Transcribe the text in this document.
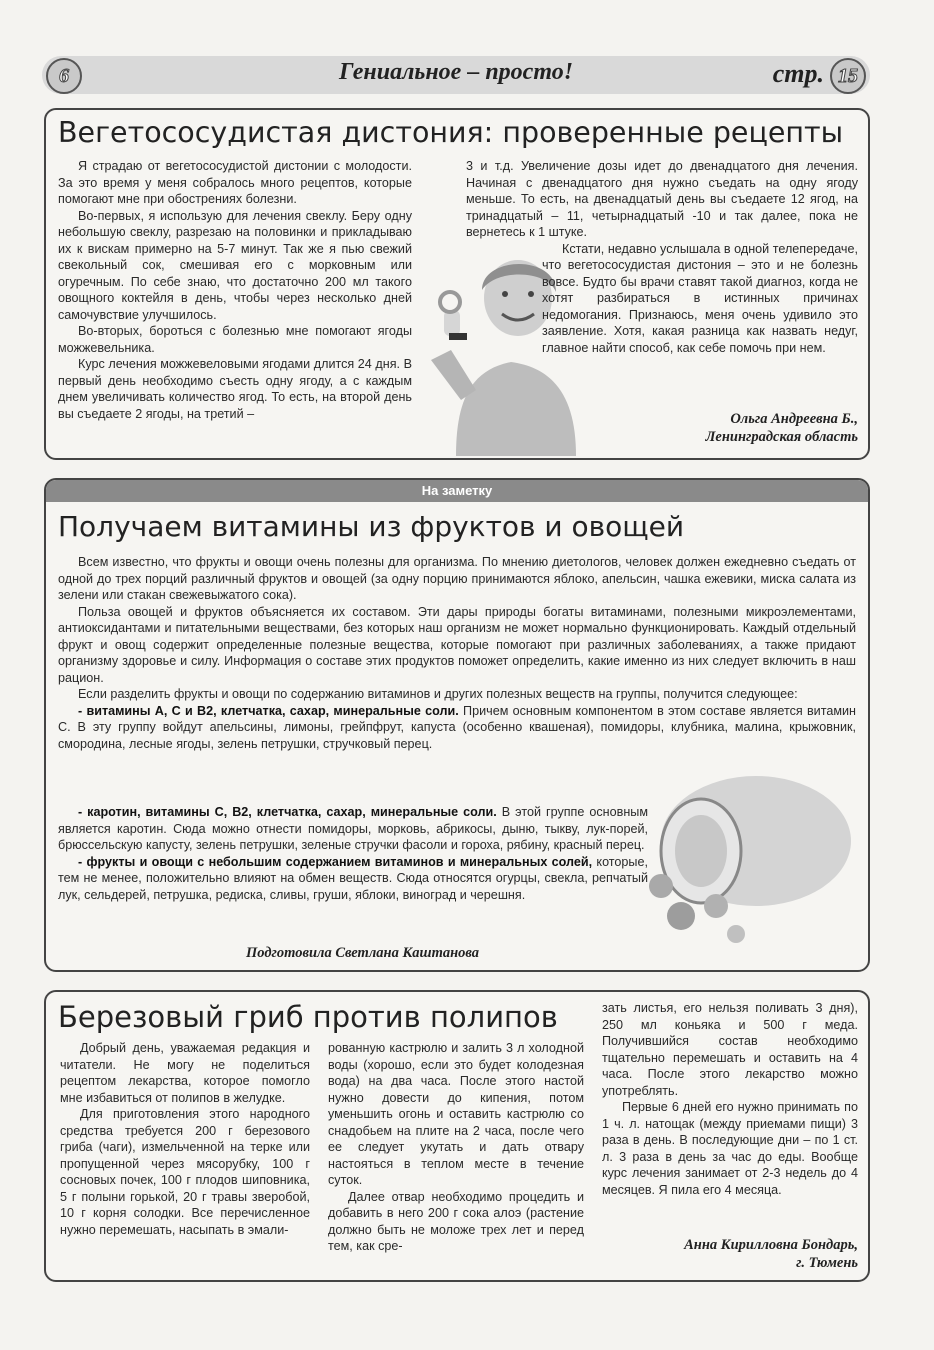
6	Гениальное – просто!	стр. 15
Вегетососудистая дистония: проверенные рецепты

Я страдаю от вегетососудистой дистонии с молодости. За это время у меня собралось много рецептов, которые помогают мне при обострениях болезни.

Во-первых, я использую для лечения свеклу. Беру одну небольшую свеклу, разрезаю на половинки и прикладываю их к вискам примерно на 5-7 минут. Так же я пью свежий свекольный сок, смешивая его с морковным или огуречным. По себе знаю, что достаточно 200 мл такого овощного коктейля в день, чтобы через несколько дней самочувствие улучшилось.

Во-вторых, бороться с болезнью мне помогают ягоды можжевельника.

Курс лечения можжевеловыми ягодами длится 24 дня. В первый день необходимо съесть одну ягоду, а с каждым днем увеличивать количество ягод. То есть, на второй день вы съедаете 2 ягоды, на третий –

3 и т.д. Увеличение дозы идет до двенадцатого дня лечения. Начиная с двенадцатого дня нужно съедать на одну ягоду меньше. То есть, на двенадцатый день вы съедаете 12 ягод, на тринадцатый – 11, четырнадцатый -10 и так далее, пока не вернетесь к 1 штуке.

Кстати, недавно услышала в одной телепередаче, что вегетососудистая дистония – это и не болезнь вовсе. Будто бы врачи ставят такой диагноз, когда не хотят разбираться в истинных причинах недомогания. Признаюсь, меня очень удивило это заявление. Хотя, какая разница как назвать недуг, главное найти способ, как себе помочь при нем.

Ольга Андреевна Б.,
Ленинградская область
На заметку
Получаем витамины из фруктов и овощей

Всем известно, что фрукты и овощи очень полезны для организма. По мнению диетологов, человек должен ежедневно съедать от одной до трех порций различный фруктов и овощей (за одну порцию принимаются яблоко, апельсин, чашка ежевики, миска салата из зелени или стакан свежевыжатого сока).

Польза овощей и фруктов объясняется их составом. Эти дары природы богаты витаминами, полезными микроэлементами, антиоксидантами и питательными веществами, без которых наш организм не может нормально функционировать. Каждый отдельный фрукт и овощ содержит определенные полезные вещества, которые помогают при различных заболеваниях, а также придают организму здоровье и силу. Информация о составе этих продуктов поможет определить, какие именно из них следует включить в наш рацион.

Если разделить фрукты и овощи по содержанию витаминов и других полезных веществ на группы, получится следующее:

- витамины А, С и В2, клетчатка, сахар, минеральные соли. Причем основным компонентом в этом составе является витамин С. В эту группу войдут апельсины, лимоны, грейпфрут, капуста (особенно квашеная), помидоры, клубника, малина, крыжовник, смородина, лесные ягоды, зелень петрушки, стручковый перец.

- каротин, витамины С, В2, клетчатка, сахар, минеральные соли. В этой группе основным является каротин. Сюда можно отнести помидоры, морковь, абрикосы, дыню, тыкву, лук-порей, брюссельскую капусту, зелень петрушки, зеленые стручки фасоли и гороха, рябину, красный перец.

- фрукты и овощи с небольшим содержанием витаминов и минеральных солей, которые, тем не менее, положительно влияют на обмен веществ. Сюда относятся огурцы, свекла, репчатый лук, сельдерей, петрушка, редиска, сливы, груши, яблоки, виноград и черешня.

Подготовила Светлана Каштанова
Березовый гриб против полипов

Добрый день, уважаемая редакция и читатели. Не могу не поделиться рецептом лекарства, которое помогло мне избавиться от полипов в желудке.

Для приготовления этого народного средства требуется 200 г березового гриба (чаги), измельченной на терке или пропущенной через мясорубку, 100 г сосновых почек, 100 г плодов шиповника, 5 г полыни горькой, 20 г травы зверобой, 10 г корня солодки. Все перечисленное нужно перемешать, насыпать в эмали-

рованную кастрюлю и залить 3 л холодной воды (хорошо, если это будет колодезная вода) на два часа. После этого настой нужно довести до кипения, потом уменьшить огонь и оставить кастрюлю со снадобьем на плите на 2 часа, после чего ее следует укутать и дать отвару настояться в теплом месте в течение суток.

Далее отвар необходимо процедить и добавить в него 200 г сока алоэ (растение должно быть не моложе трех лет и перед тем, как сре-

зать листья, его нельзя поливать 3 дня), 250 мл коньяка и 500 г меда. Получившийся состав необходимо тщательно перемешать и оставить на 4 часа. После этого лекарство можно употреблять.

Первые 6 дней его нужно принимать по 1 ч. л. натощак (между приемами пищи) 3 раза в день. В последующие дни – по 1 ст. л. 3 раза в день за час до еды. Вообще курс лечения занимает от 2-3 недель до 4 месяцев. Я пила его 4 месяца.

Анна Кирилловна Бондарь,
г. Тюмень
